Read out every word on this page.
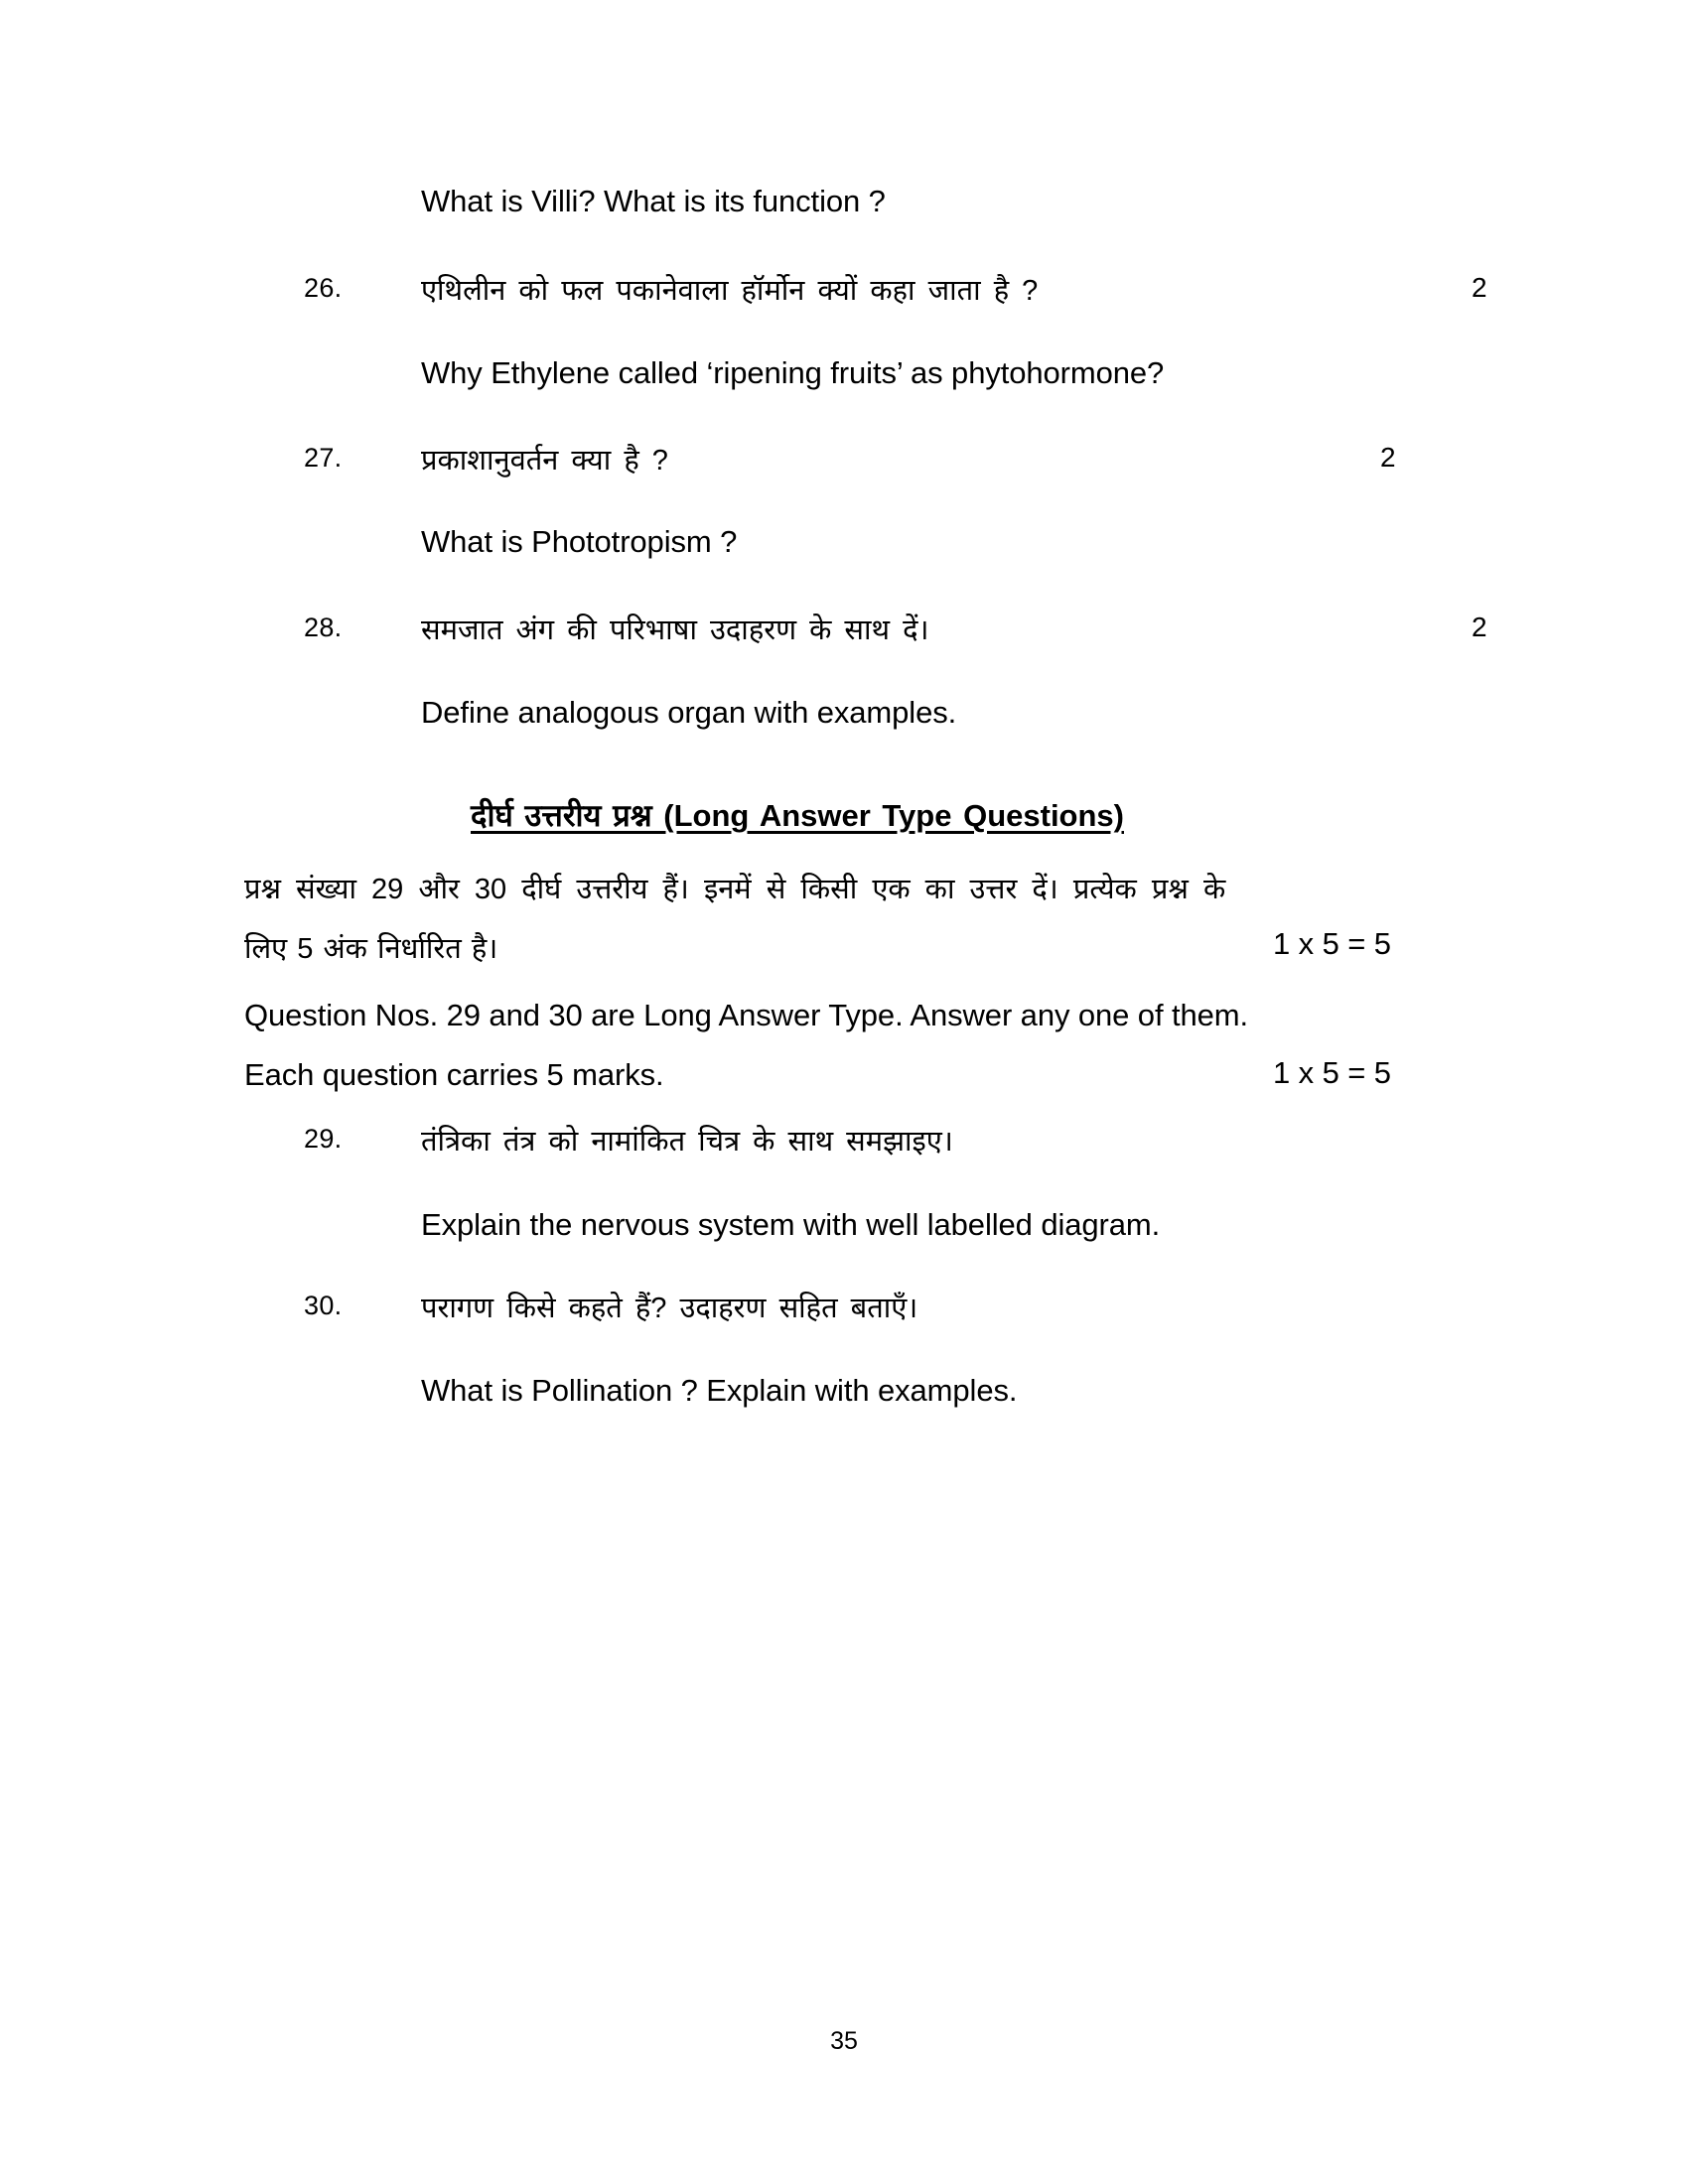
What is Villi? What is its function ?
26.	एथिलीन को फल पकानेवाला हॉर्मोन क्यों कहा जाता है ?	2
Why Ethylene called ‘ripening fruits’ as phytohormone?
27.	प्रकाशानुवर्तन क्या है ?	2
What is Phototropism ?
28.	समजात अंग की परिभाषा उदाहरण के साथ दें।	2
Define analogous organ with examples.
दीर्घ उत्तरीय प्रश्न (Long Answer Type Questions)
प्रश्न संख्या 29 और 30 दीर्घ उत्तरीय हैं। इनमें से किसी एक का उत्तर दें। प्रत्येक प्रश्न के
लिए 5 अंक निर्धारित है।	1 x 5 = 5
Question Nos. 29 and 30 are Long Answer Type. Answer any one of them.
Each question carries 5 marks.	1 x 5 = 5
29.	तंत्रिका तंत्र को नामांकित चित्र के साथ समझाइए।
Explain the nervous system with well labelled diagram.
30.	परागण किसे कहते हैं? उदाहरण सहित बताएँ।
What is Pollination ? Explain with examples.
35
